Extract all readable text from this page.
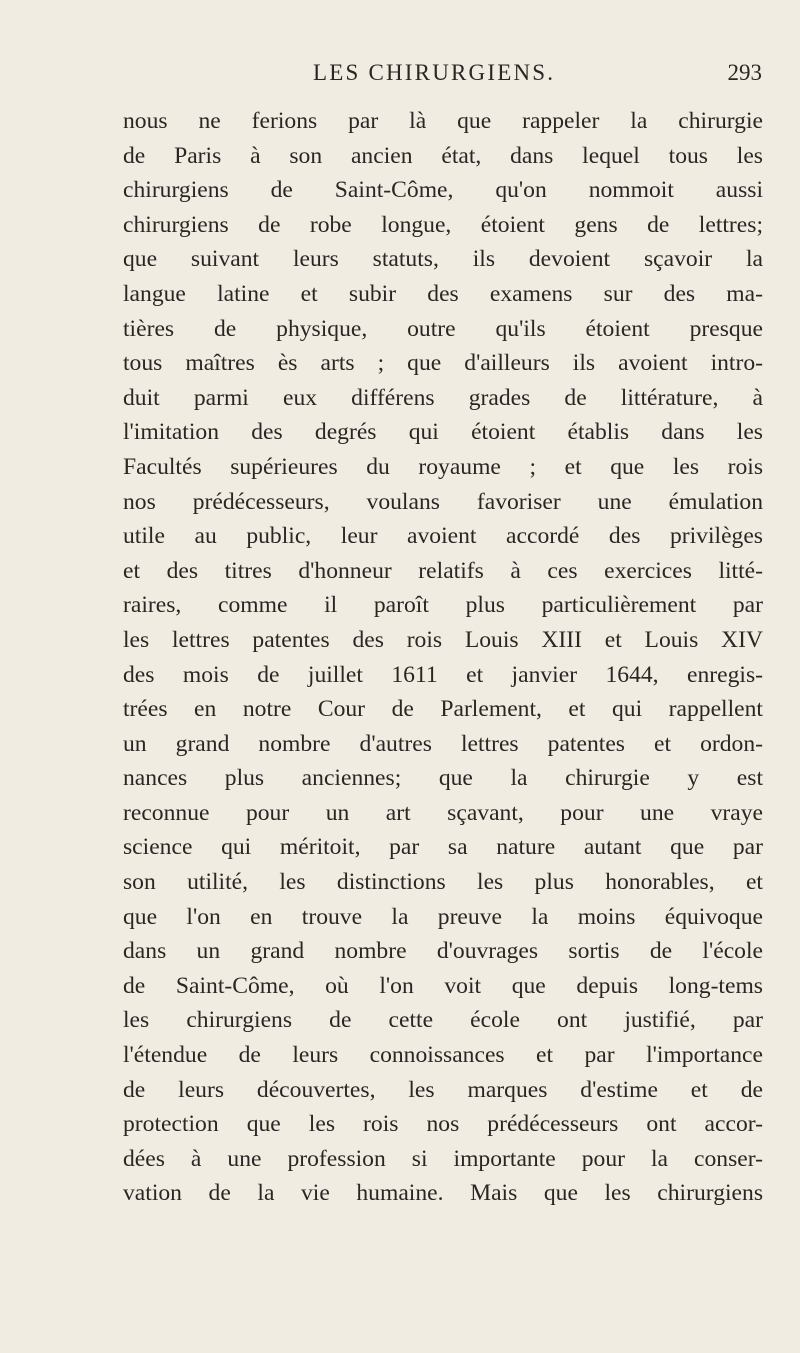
LES CHIRURGIENS.	293
nous ne ferions par là que rappeler la chirurgie
de Paris à son ancien état, dans lequel tous les
chirurgiens de Saint-Côme, qu'on nommoit aussi
chirurgiens de robe longue, étoient gens de lettres;
que suivant leurs statuts, ils devoient sçavoir la
langue latine et subir des examens sur des ma-
tières de physique, outre qu'ils étoient presque
tous maîtres ès arts ; que d'ailleurs ils avoient intro-
duit parmi eux différens grades de littérature, à
l'imitation des degrés qui étoient établis dans les
Facultés supérieures du royaume ; et que les rois
nos prédécesseurs, voulans favoriser une émulation
utile au public, leur avoient accordé des privilèges
et des titres d'honneur relatifs à ces exercices litté-
raires, comme il paroît plus particulièrement par
les lettres patentes des rois Louis XIII et Louis XIV
des mois de juillet 1611 et janvier 1644, enregis-
trées en notre Cour de Parlement, et qui rappellent
un grand nombre d'autres lettres patentes et ordon-
nances plus anciennes; que la chirurgie y est
reconnue pour un art sçavant, pour une vraye
science qui méritoit, par sa nature autant que par
son utilité, les distinctions les plus honorables, et
que l'on en trouve la preuve la moins équivoque
dans un grand nombre d'ouvrages sortis de l'école
de Saint-Côme, où l'on voit que depuis long-tems
les chirurgiens de cette école ont justifié, par
l'étendue de leurs connoissances et par l'importance
de leurs découvertes, les marques d'estime et de
protection que les rois nos prédécesseurs ont accor-
dées à une profession si importante pour la conser-
vation de la vie humaine. Mais que les chirurgiens
